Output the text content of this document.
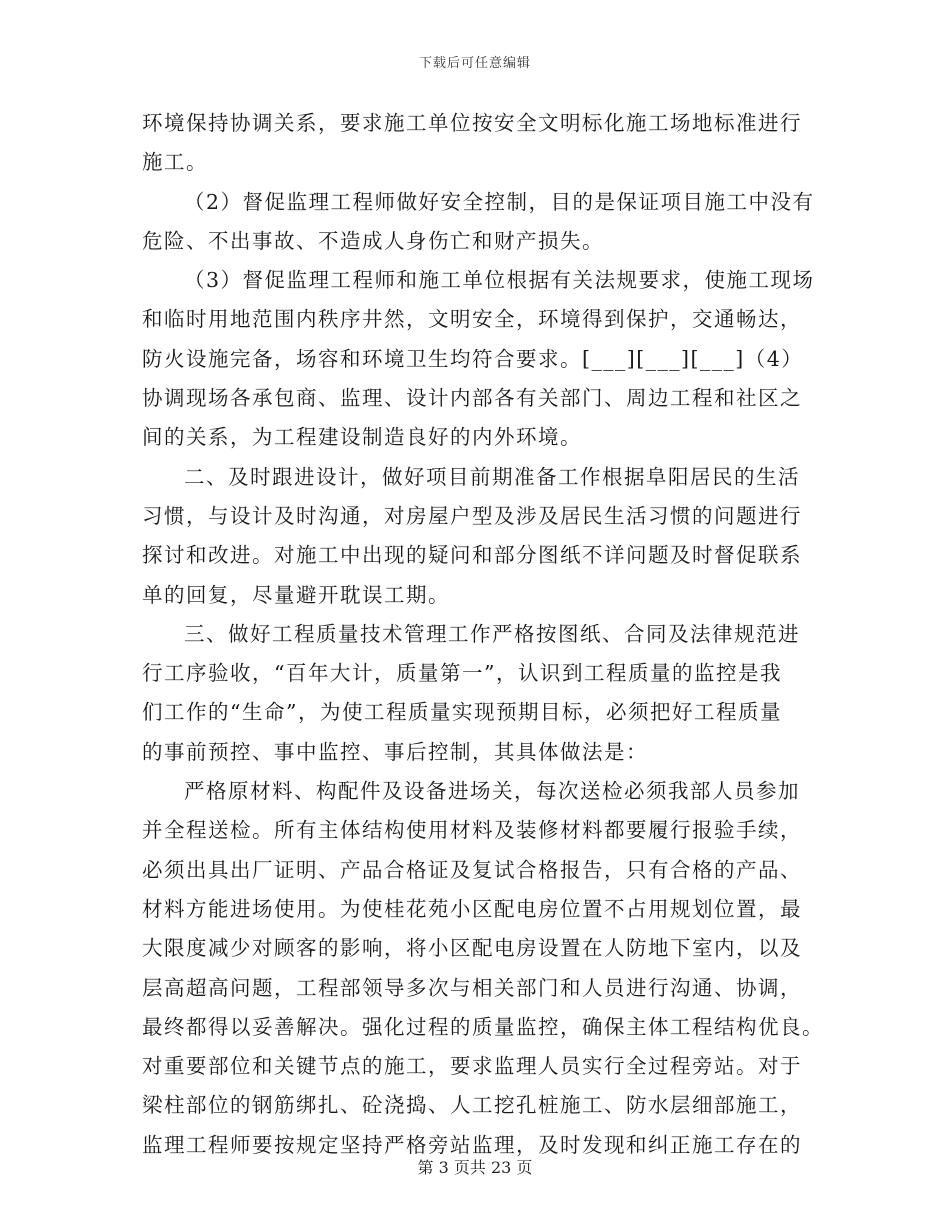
下载后可任意编辑
环境保持协调关系，要求施工单位按安全文明标化施工场地标准进行
施工。
（2）督促监理工程师做好安全控制，目的是保证项目施工中没有
危险、不出事故、不造成人身伤亡和财产损失。
（3）督促监理工程师和施工单位根据有关法规要求，使施工现场
和临时用地范围内秩序井然，文明安全，环境得到保护，交通畅达，
防火设施完备，场容和环境卫生均符合要求。[___][___][___]（4）
协调现场各承包商、监理、设计内部各有关部门、周边工程和社区之
间的关系，为工程建设制造良好的内外环境。
二、及时跟进设计，做好项目前期准备工作根据阜阳居民的生活
习惯，与设计及时沟通，对房屋户型及涉及居民生活习惯的问题进行
探讨和改进。对施工中出现的疑问和部分图纸不详问题及时督促联系
单的回复，尽量避开耽误工期。
三、做好工程质量技术管理工作严格按图纸、合同及法律规范进
行工序验收，“百年大计，质量第一”，认识到工程质量的监控是我
们工作的“生命”，为使工程质量实现预期目标，必须把好工程质量
的事前预控、事中监控、事后控制，其具体做法是：
严格原材料、构配件及设备进场关，每次送检必须我部人员参加
并全程送检。所有主体结构使用材料及装修材料都要履行报验手续，
必须出具出厂证明、产品合格证及复试合格报告，只有合格的产品、
材料方能进场使用。为使桂花苑小区配电房位置不占用规划位置，最
大限度减少对顾客的影响，将小区配电房设置在人防地下室内，以及
层高超高问题，工程部领导多次与相关部门和人员进行沟通、协调，
最终都得以妥善解决。强化过程的质量监控，确保主体工程结构优良。
对重要部位和关键节点的施工，要求监理人员实行全过程旁站。对于
梁柱部位的钢筋绑扎、砼浇捣、人工挖孔桩施工、防水层细部施工，
监理工程师要按规定坚持严格旁站监理，及时发现和纠正施工存在的
第 3 页共 23 页
